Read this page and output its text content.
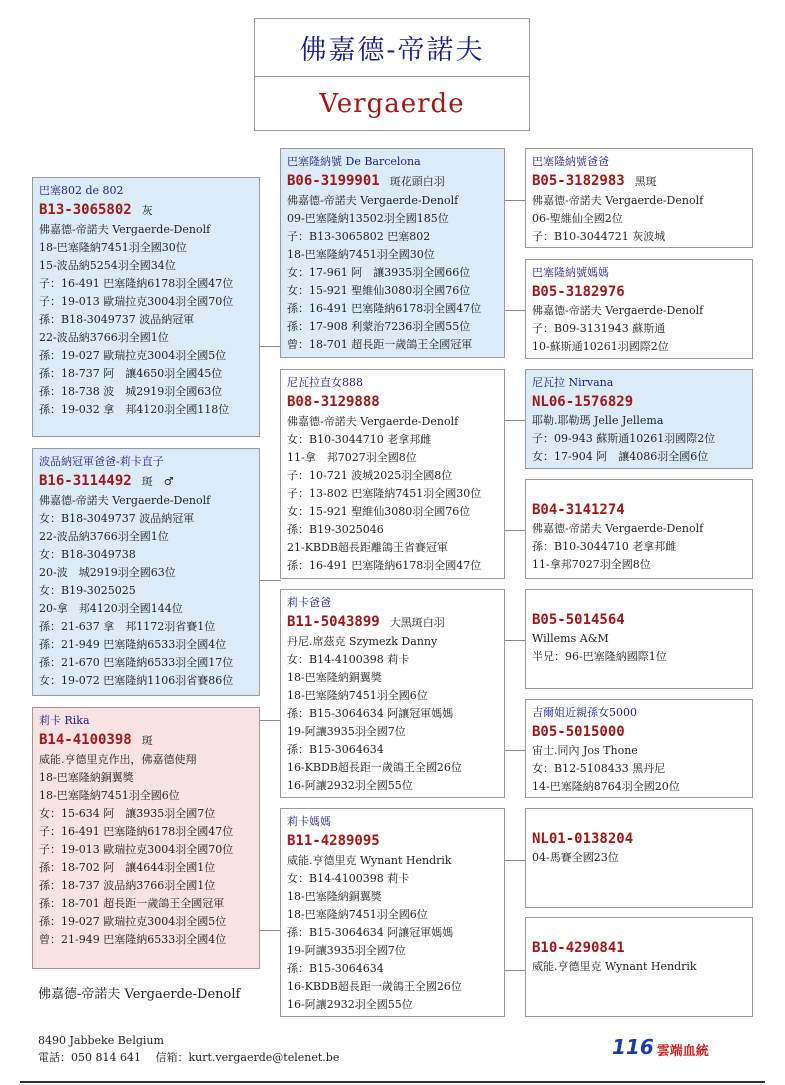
佛嘉德-帝諾夫
Vergaerde
巴塞802 de 802
B13-3065802 灰
佛嘉德-帝諾夫 Vergaerde-Denolf
18-巴塞隆納7451羽全國30位
15-波品納5254羽全國34位
子：16-491 巴塞隆納6178羽全國47位
子：19-013 歐瑞拉克3004羽全國70位
孫：B18-3049737 波品納冠軍
22-波品納3766羽全國1位
孫：19-027 歐瑞拉克3004羽全國5位
孫：18-737 阿　讓4650羽全國45位
孫：18-738 波　城2919羽全國63位
孫：19-032 拿　邦4120羽全國118位
波品納冠軍爸爸-莉卡直子
B16-3114492 斑　♂
佛嘉德-帝諾夫 Vergaerde-Denolf
女：B18-3049737 波品納冠軍
22-波品納3766羽全國1位
女：B18-3049738
20-波　城2919羽全國63位
女：B19-3025025
20-拿　邦4120羽全國144位
孫：21-637 拿　邦1172羽省賽1位
孫：21-949 巴塞隆納6533羽全國4位
孫：21-670 巴塞隆納6533羽全國17位
女：19-072 巴塞隆納1106羽省賽86位
莉卡 Rika
B14-4100398 斑
威能.亨德里克作出，佛嘉德使翔
18-巴塞隆納銅翼獎
18-巴塞隆納7451羽全國6位
女：15-634 阿　讓3935羽全國7位
子：16-491 巴塞隆納6178羽全國47位
子：19-013 歐瑞拉克3004羽全國70位
孫：18-702 阿　讓4644羽全國1位
孫：18-737 波品納3766羽全國1位
孫：18-701 超長距一歲鴿王全國冠軍
孫：19-027 歐瑞拉克3004羽全國5位
曾：21-949 巴塞隆納6533羽全國4位
巴塞隆納號 De Barcelona
B06-3199901 斑花頭白羽
佛嘉德-帝諾夫 Vergaerde-Denolf
09-巴塞隆納13502羽全國185位
子：B13-3065802 巴塞802
18-巴塞隆納7451羽全國30位
女：17-961 阿　讓3935羽全國66位
女：15-921 聖維仙3080羽全國76位
孫：16-491 巴塞隆納6178羽全國47位
孫：17-908 利蒙治7236羽全國55位
曾：18-701 超長距一歲鴿王全國冠軍
尼瓦拉直女888
B08-3129888
佛嘉德-帝諾夫 Vergaerde-Denolf
女：B10-3044710 老拿邦雌
11-拿　邦7027羽全國8位
子：10-721 波城2025羽全國8位
子：13-802 巴塞隆納7451羽全國30位
女：15-921 聖維仙3080羽全國76位
孫：B19-3025046
21-KBDB超長距離鴿王省賽冠軍
孫：16-491 巴塞隆納6178羽全國47位
莉卡爸爸
B11-5043899 大黑斑白羽
丹尼.席茲克 Szymezk Danny
女：B14-4100398 莉卡
18-巴塞隆納銅翼獎
18-巴塞隆納7451羽全國6位
孫：B15-3064634 阿讓冠軍媽媽
19-阿讓3935羽全國7位
孫：B15-3064634
16-KBDB超長距一歲鴿王全國26位
16-阿讓2932羽全國55位
莉卡媽媽
B11-4289095
威能.亨德里克 Wynant Hendrik
女：B14-4100398 莉卡
18-巴塞隆納銅翼獎
18-巴塞隆納7451羽全國6位
孫：B15-3064634 阿讓冠軍媽媽
19-阿讓3935羽全國7位
孫：B15-3064634
16-KBDB超長距一歲鴿王全國26位
16-阿讓2932羽全國55位
巴塞隆納號爸爸
B05-3182983 黑斑
佛嘉德-帝諾夫 Vergaerde-Denolf
06-聖維仙全國2位
子：B10-3044721 灰波城
巴塞隆納號媽媽
B05-3182976
佛嘉德-帝諾夫 Vergaerde-Denolf
子：B09-3131943 蘇斯通
10-蘇斯通10261羽國際2位
尼瓦拉 Nirvana
NL06-1576829
耶勒.耶勒瑪 Jelle Jellema
子：09-943 蘇斯通10261羽國際2位
女：17-904 阿　讓4086羽全國6位
B04-3141274
佛嘉德-帝諾夫 Vergaerde-Denolf
孫：B10-3044710 老拿邦雌
11-拿邦7027羽全國8位
B05-5014564
Willems A&M
半兄：96-巴塞隆納國際1位
吉爾姐近親孫女5000
B05-5015000
宙士.同內 Jos Thone
女：B12-5108433 黑丹尼
14-巴塞隆納8764羽全國20位
NL01-0138204
04-馬賽全國23位
B10-4290841
威能.亨德里克 Wynant Hendrik
佛嘉德-帝諾夫 Vergaerde-Denolf
8490 Jabbeke Belgium
電話：050 814 641　 信箱：kurt.vergaerde@telenet.be	116 雲端血統
